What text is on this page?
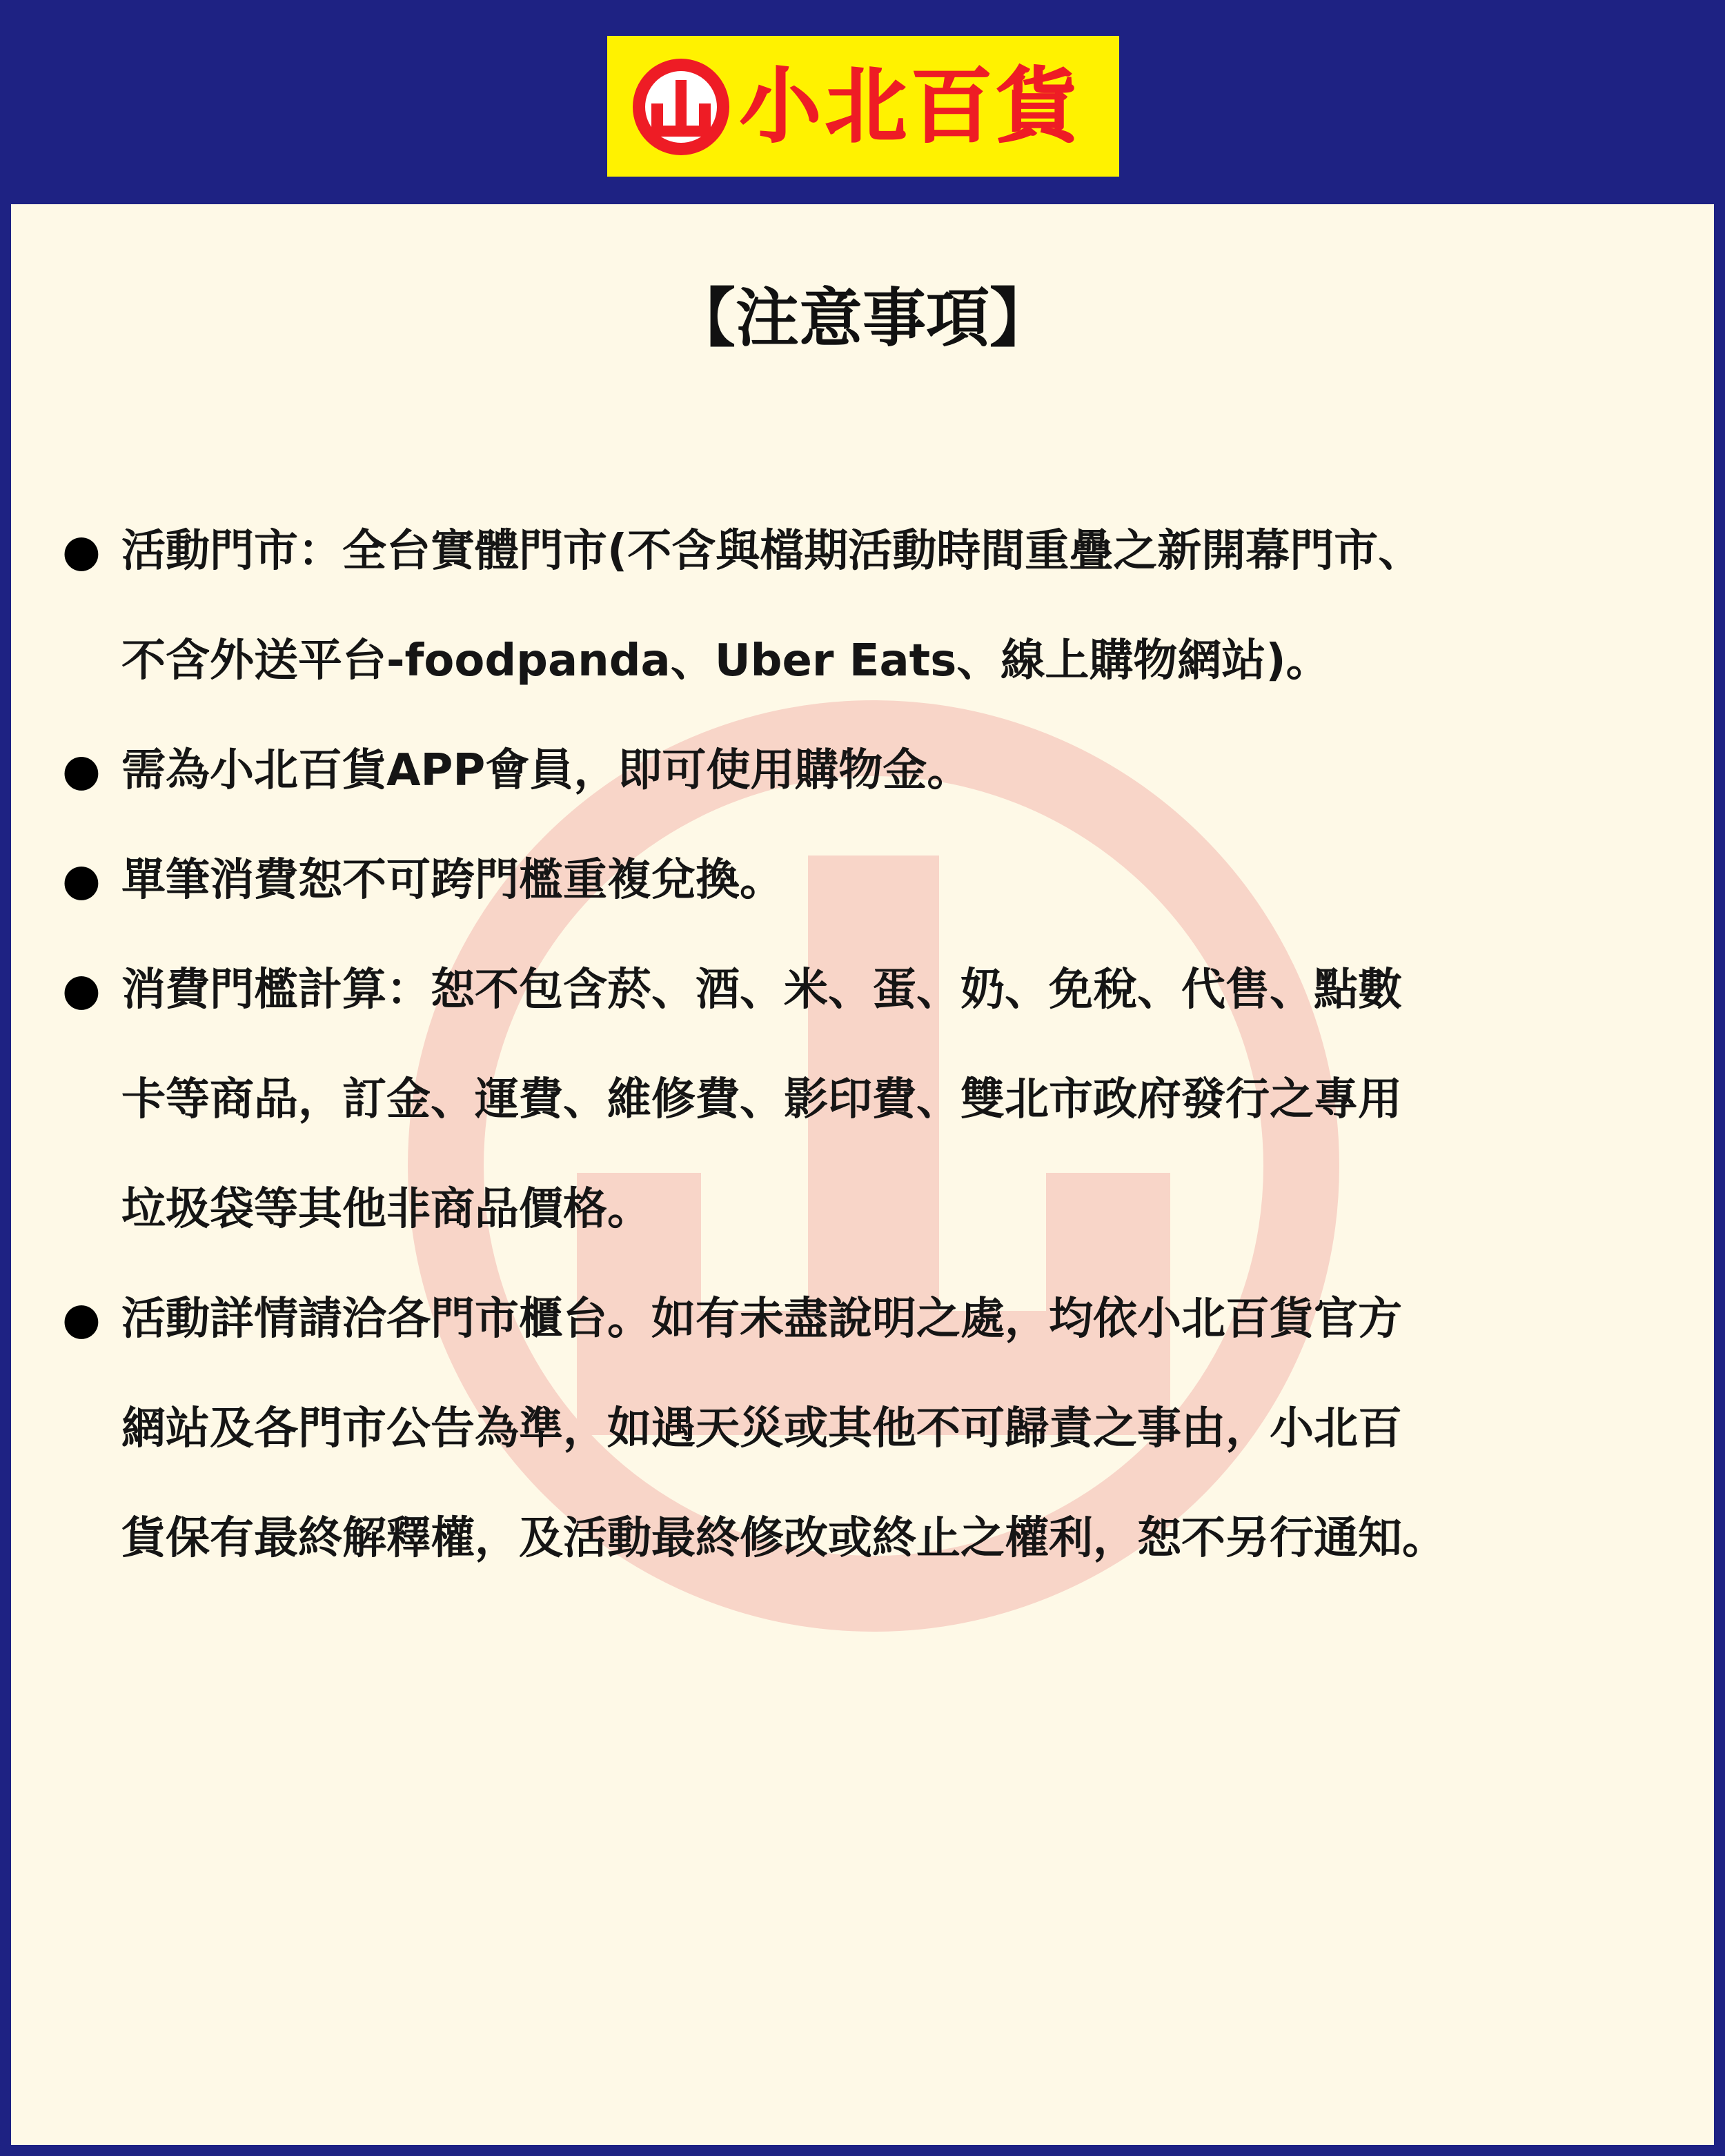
小北百貨
【注意事項】
● 活動門市：全台實體門市(不含與檔期活動時間重疊之新開幕門市、
不含外送平台-foodpanda、Uber Eats、線上購物網站)。
● 需為小北百貨APP會員，即可使用購物金。
● 單筆消費恕不可跨門檻重複兌換。
● 消費門檻計算：恕不包含菸、酒、米、蛋、奶、免稅、代售、點數
卡等商品，訂金、運費、維修費、影印費、雙北市政府發行之專用
垃圾袋等其他非商品價格。
● 活動詳情請洽各門市櫃台。如有未盡說明之處，均依小北百貨官方
網站及各門市公告為準，如遇天災或其他不可歸責之事由，小北百
貨保有最終解釋權，及活動最終修改或終止之權利，恕不另行通知。
